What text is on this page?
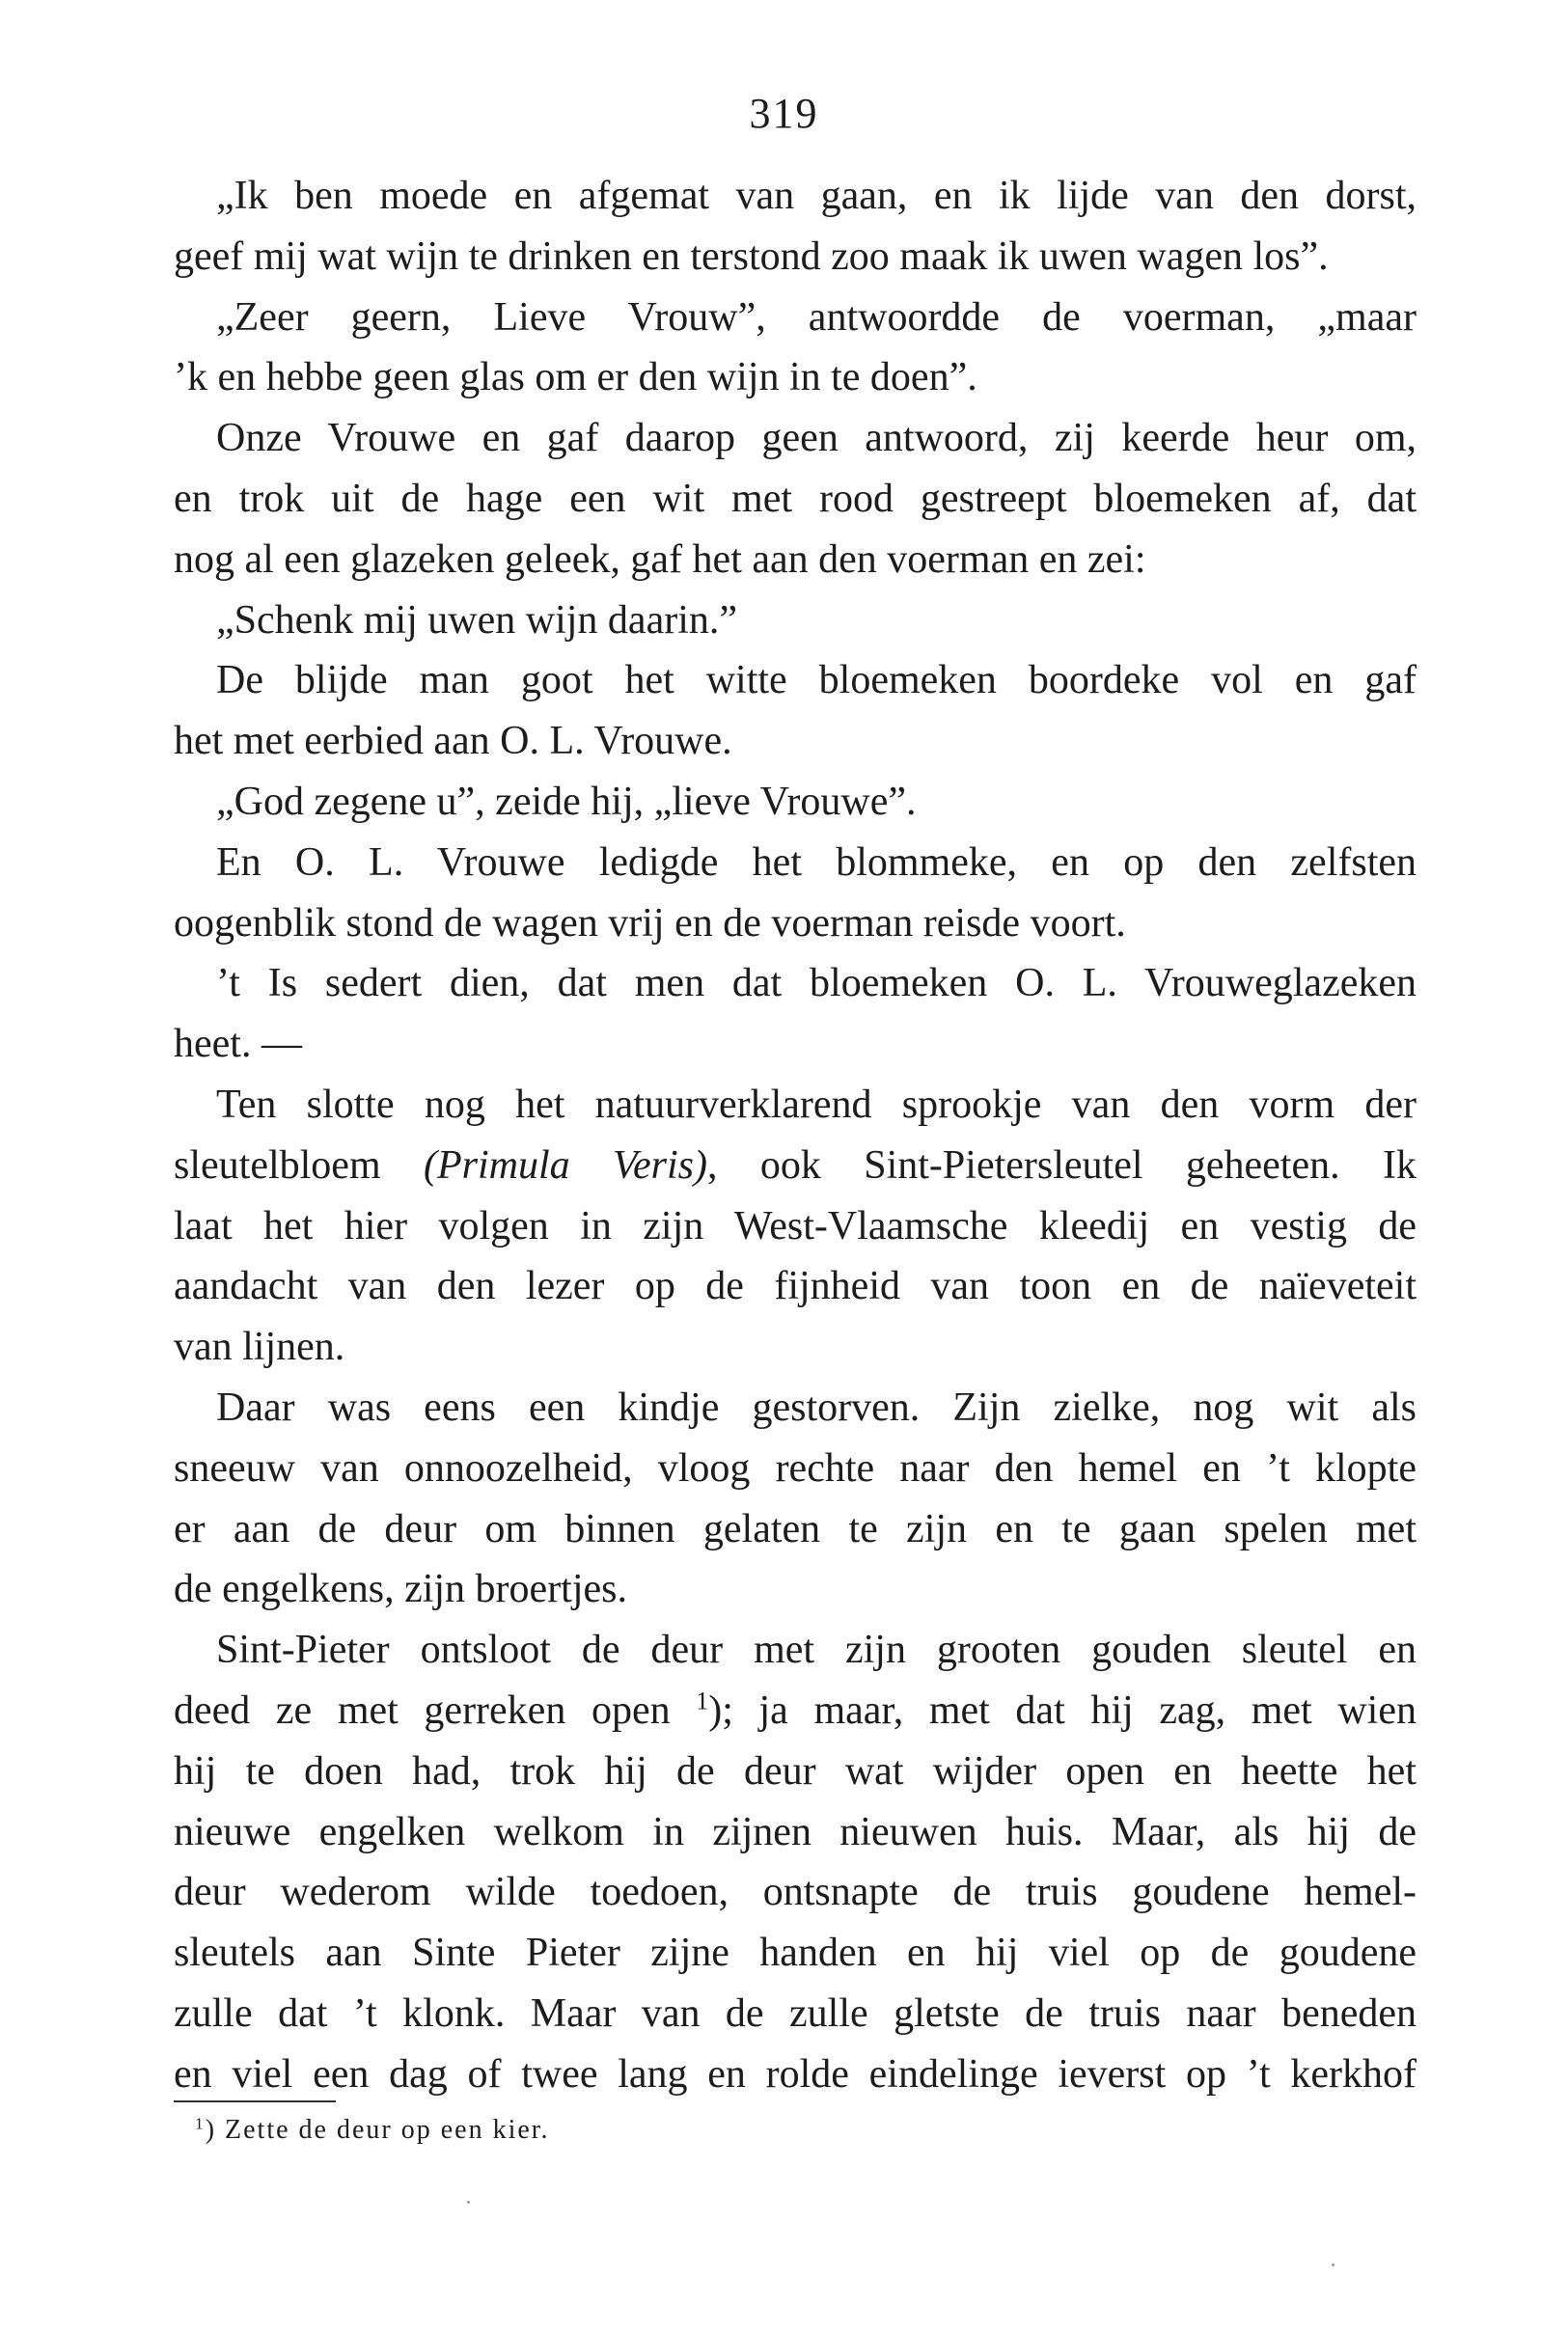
319
„Ik ben moede en afgemat van gaan, en ik lijde van den dorst,
geef mij wat wijn te drinken en terstond zoo maak ik uwen wagen los”.
„Zeer geern, Lieve Vrouw”, antwoordde de voerman, „maar
’k en hebbe geen glas om er den wijn in te doen”.
Onze Vrouwe en gaf daarop geen antwoord, zij keerde heur om,
en trok uit de hage een wit met rood gestreept bloemeken af, dat
nog al een glazeken geleek, gaf het aan den voerman en zei:
„Schenk mij uwen wijn daarin.”
De blijde man goot het witte bloemeken boordeke vol en gaf
het met eerbied aan O. L. Vrouwe.
„God zegene u”, zeide hij, „lieve Vrouwe”.
En O. L. Vrouwe ledigde het blommeke, en op den zelfsten
oogenblik stond de wagen vrij en de voerman reisde voort.
’t Is sedert dien, dat men dat bloemeken O. L. Vrouweglazeken
heet. —
Ten slotte nog het natuurverklarend sprookje van den vorm der
sleutelbloem (Primula Veris), ook Sint-Pietersleutel geheeten. Ik
laat het hier volgen in zijn West-Vlaamsche kleedij en vestig de
aandacht van den lezer op de fijnheid van toon en de naïeveteit
van lijnen.
Daar was eens een kindje gestorven. Zijn zielke, nog wit als
sneeuw van onnoozelheid, vloog rechte naar den hemel en ’t klopte
er aan de deur om binnen gelaten te zijn en te gaan spelen met
de engelkens, zijn broertjes.
Sint-Pieter ontsloot de deur met zijn grooten gouden sleutel en
deed ze met gerreken open $^1$); ja maar, met dat hij zag, met wien
hij te doen had, trok hij de deur wat wijder open en heette het
nieuwe engelken welkom in zijnen nieuwen huis. Maar, als hij de
deur wederom wilde toedoen, ontsnapte de truis goudene hemel-
sleutels aan Sinte Pieter zijne handen en hij viel op de goudene
zulle dat ’t klonk. Maar van de zulle gletste de truis naar beneden
en viel een dag of twee lang en rolde eindelinge ieverst op ’t kerkhof
$^1$) Zette de deur op een kier.
